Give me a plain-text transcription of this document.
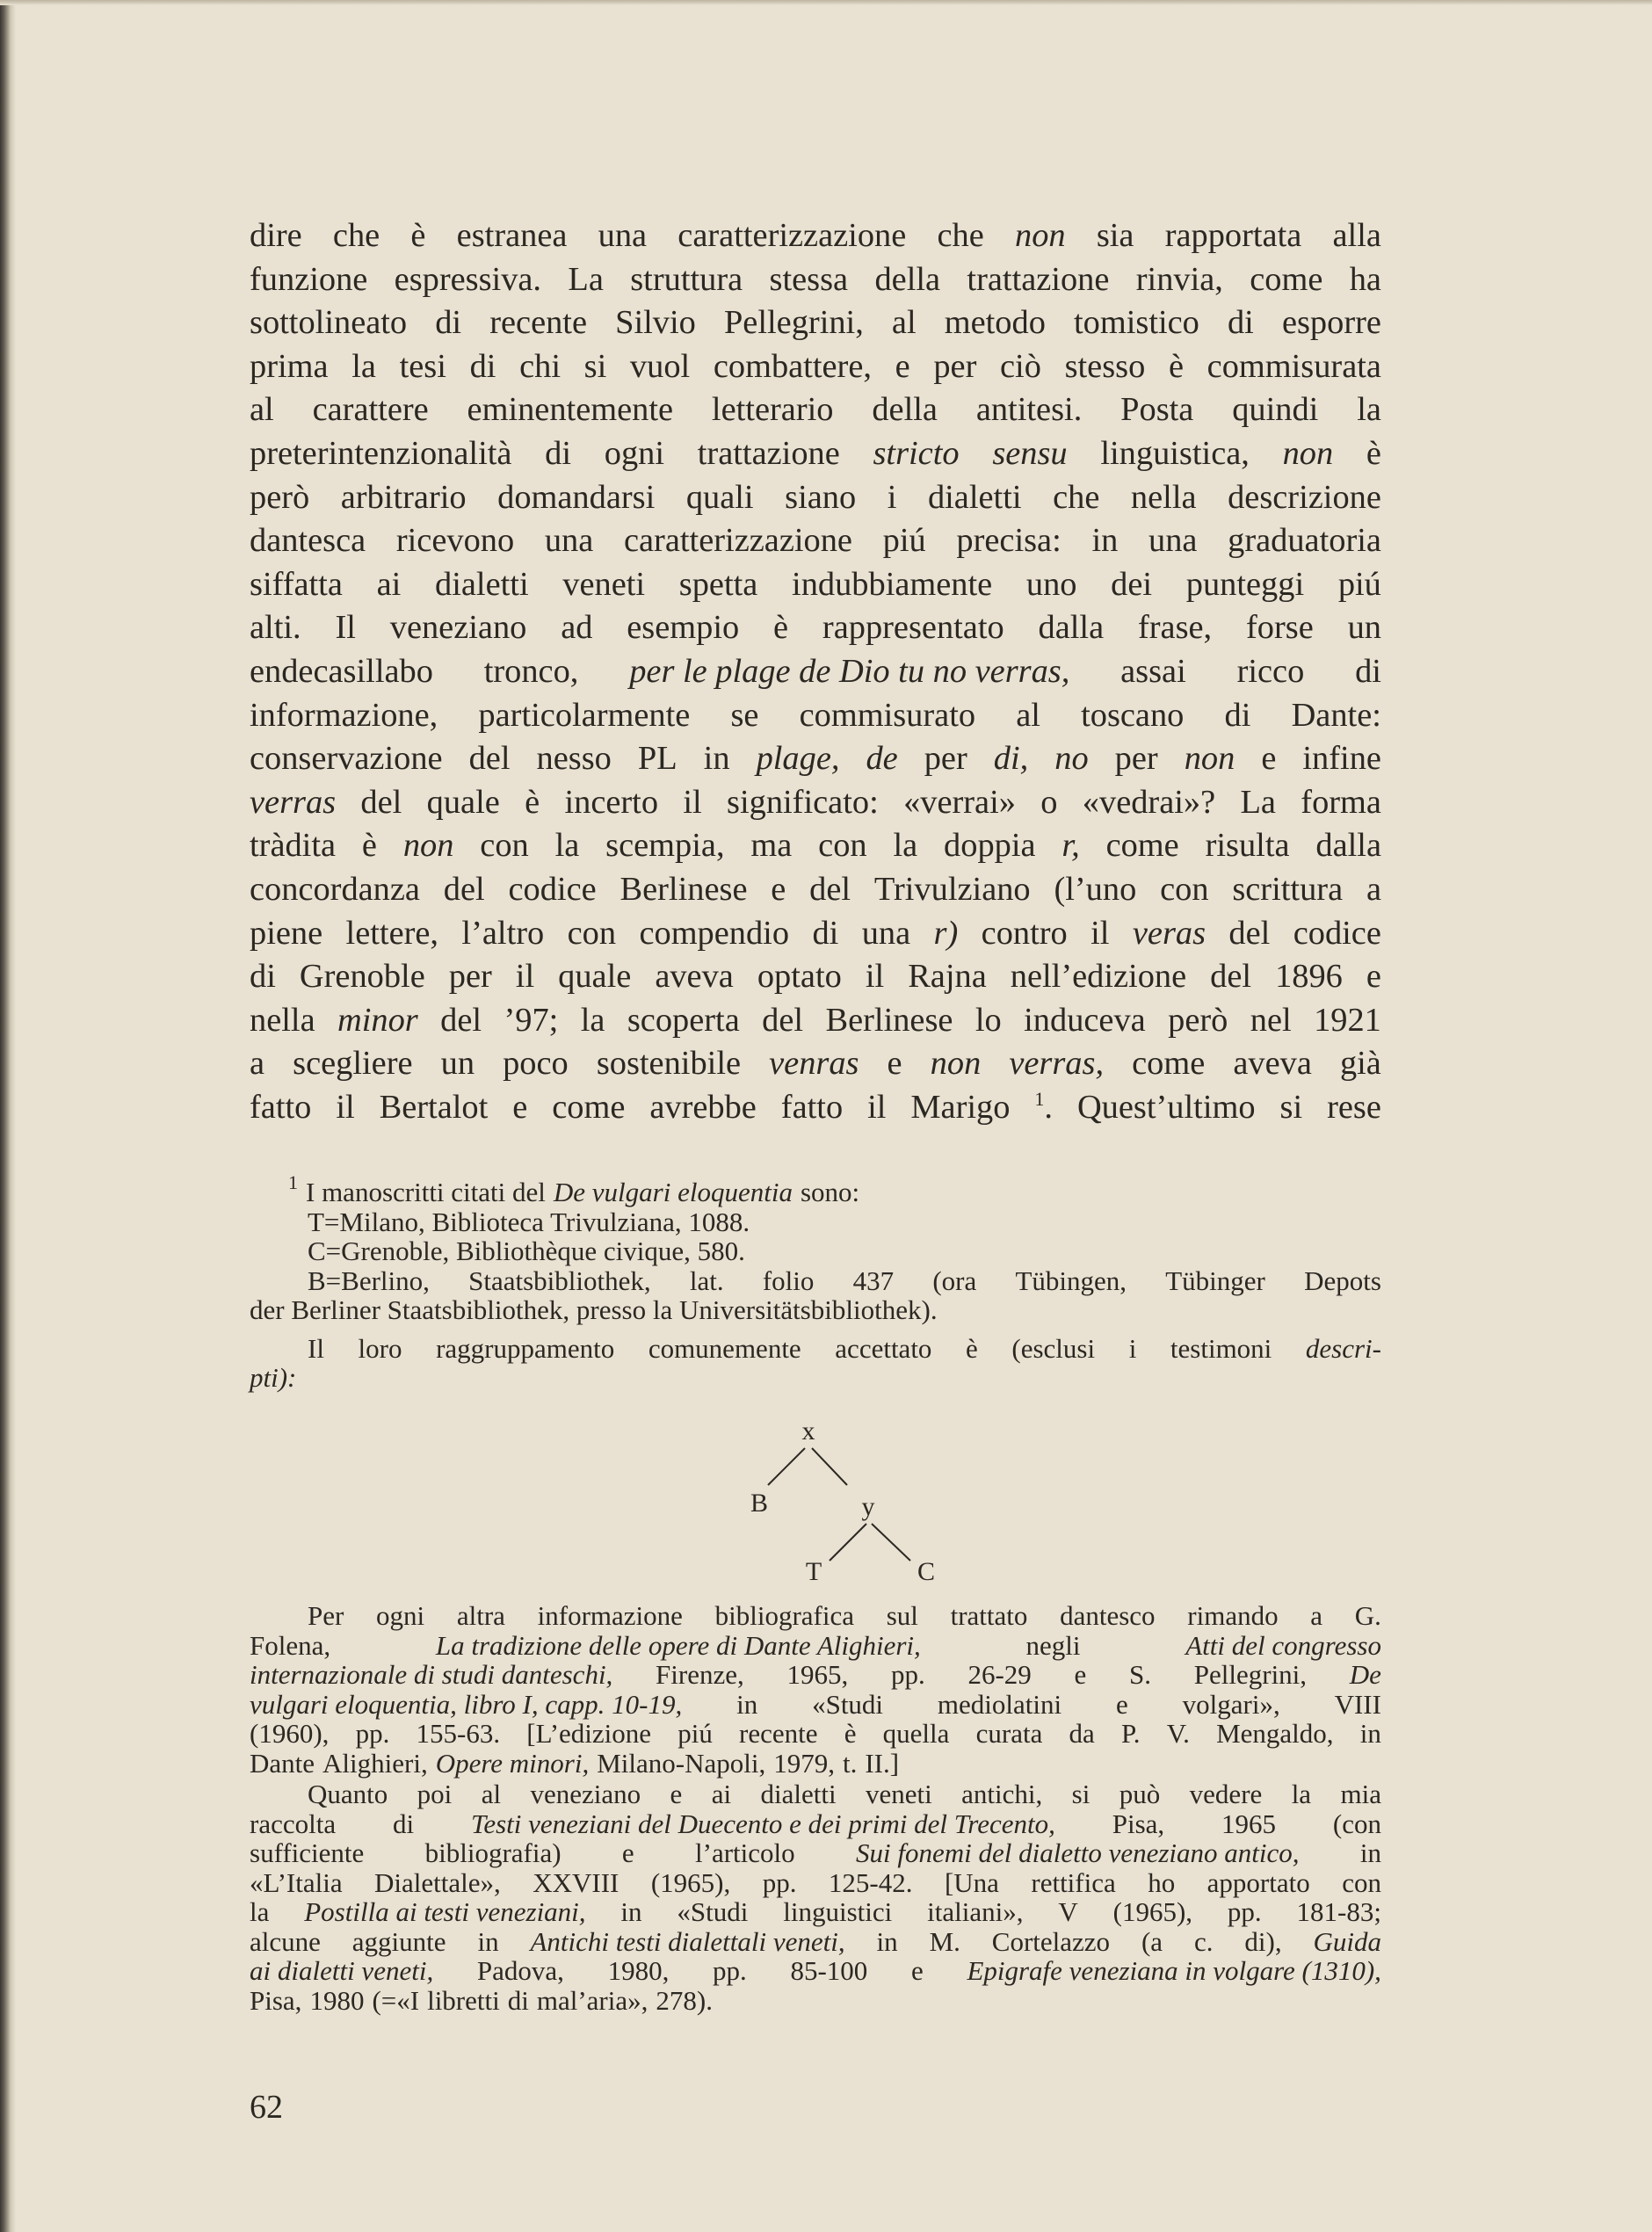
dire che è estranea una caratterizzazione che non sia rapportata alla
funzione espressiva. La struttura stessa della trattazione rinvia, come ha
sottolineato di recente Silvio Pellegrini, al metodo tomistico di esporre
prima la tesi di chi si vuol combattere, e per ciò stesso è commisurata
al carattere eminentemente letterario della antitesi. Posta quindi la
preterintenzionalità di ogni trattazione stricto sensu linguistica, non è
però arbitrario domandarsi quali siano i dialetti che nella descrizione
dantesca ricevono una caratterizzazione piú precisa: in una graduatoria
siffatta ai dialetti veneti spetta indubbiamente uno dei punteggi piú
alti. Il veneziano ad esempio è rappresentato dalla frase, forse un
endecasillabo tronco, per le plage de Dio tu no verras, assai ricco di
informazione, particolarmente se commisurato al toscano di Dante:
conservazione del nesso PL in plage, de per di, no per non e infine
verras del quale è incerto il significato: «verrai» o «vedrai»? La forma
tràdita è non con la scempia, ma con la doppia r, come risulta dalla
concordanza del codice Berlinese e del Trivulziano (l’uno con scrittura a
piene lettere, l’altro con compendio di una r) contro il veras del codice
di Grenoble per il quale aveva optato il Rajna nell’edizione del 1896 e
nella minor del ’97; la scoperta del Berlinese lo induceva però nel 1921
a scegliere un poco sostenibile venras e non verras, come aveva già
fatto il Bertalot e come avrebbe fatto il Marigo $^1$. Quest’ultimo si rese
$^1$ I manoscritti citati del De vulgari eloquentia sono:
T=Milano, Biblioteca Trivulziana, 1088.
C=Grenoble, Bibliothèque civique, 580.
B=Berlino, Staatsbibliothek, lat. folio 437 (ora Tübingen, Tübinger Depots
der Berliner Staatsbibliothek, presso la Universitätsbibliothek).
Il loro raggruppamento comunemente accettato è (esclusi i testimoni descri-
pti):
x
B	y
T	C
Per ogni altra informazione bibliografica sul trattato dantesco rimando a G.
Folena,	La tradizione delle opere di Dante Alighieri,	negli	Atti del congresso
internazionale di studi danteschi, Firenze, 1965, pp. 26-29 e S. Pellegrini, De
vulgari eloquentia, libro I, capp. 10-19, in «Studi mediolatini e volgari», VIII
(1960), pp. 155-63. [L’edizione piú recente è quella curata da P. V. Mengaldo, in
Dante Alighieri, Opere minori, Milano-Napoli, 1979, t. II.]
Quanto poi al veneziano e ai dialetti veneti antichi, si può vedere la mia
raccolta di Testi veneziani del Duecento e dei primi del Trecento, Pisa, 1965 (con
sufficiente bibliografia) e l’articolo Sui fonemi del dialetto veneziano antico, in
«L’Italia Dialettale», XXVIII (1965), pp. 125-42. [Una rettifica ho apportato con
la Postilla ai testi veneziani, in «Studi linguistici italiani», V (1965), pp. 181-83;
alcune aggiunte in Antichi testi dialettali veneti, in M. Cortelazzo (a c. di), Guida
ai dialetti veneti, Padova, 1980, pp. 85-100 e Epigrafe veneziana in volgare (1310),
Pisa, 1980 (=«I libretti di mal’aria», 278).
62
